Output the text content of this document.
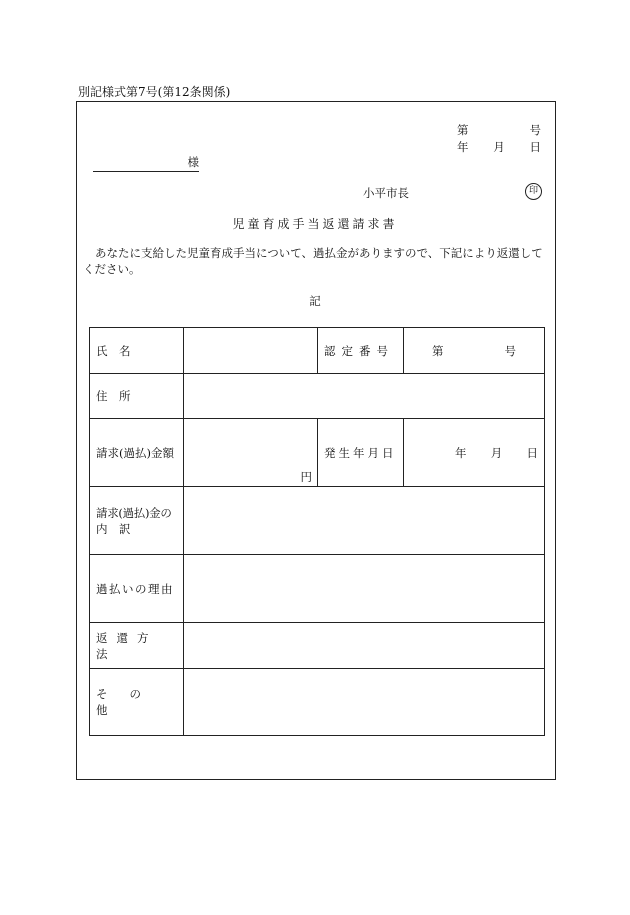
別記様式第7号(第12条関係)
第	号
年 月 日
様
小平市長	印
児童育成手当返還請求書
あなたに支給した児童育成手当について、過払金がありますので、下記により返還してください。
記
氏　名		認定番号	第 号

住　所			

請求(過払)金額	円	発生年月日	年 月 日

請求(過払)金の
内　訳			

過払いの理由			
返還方法			
その他			
